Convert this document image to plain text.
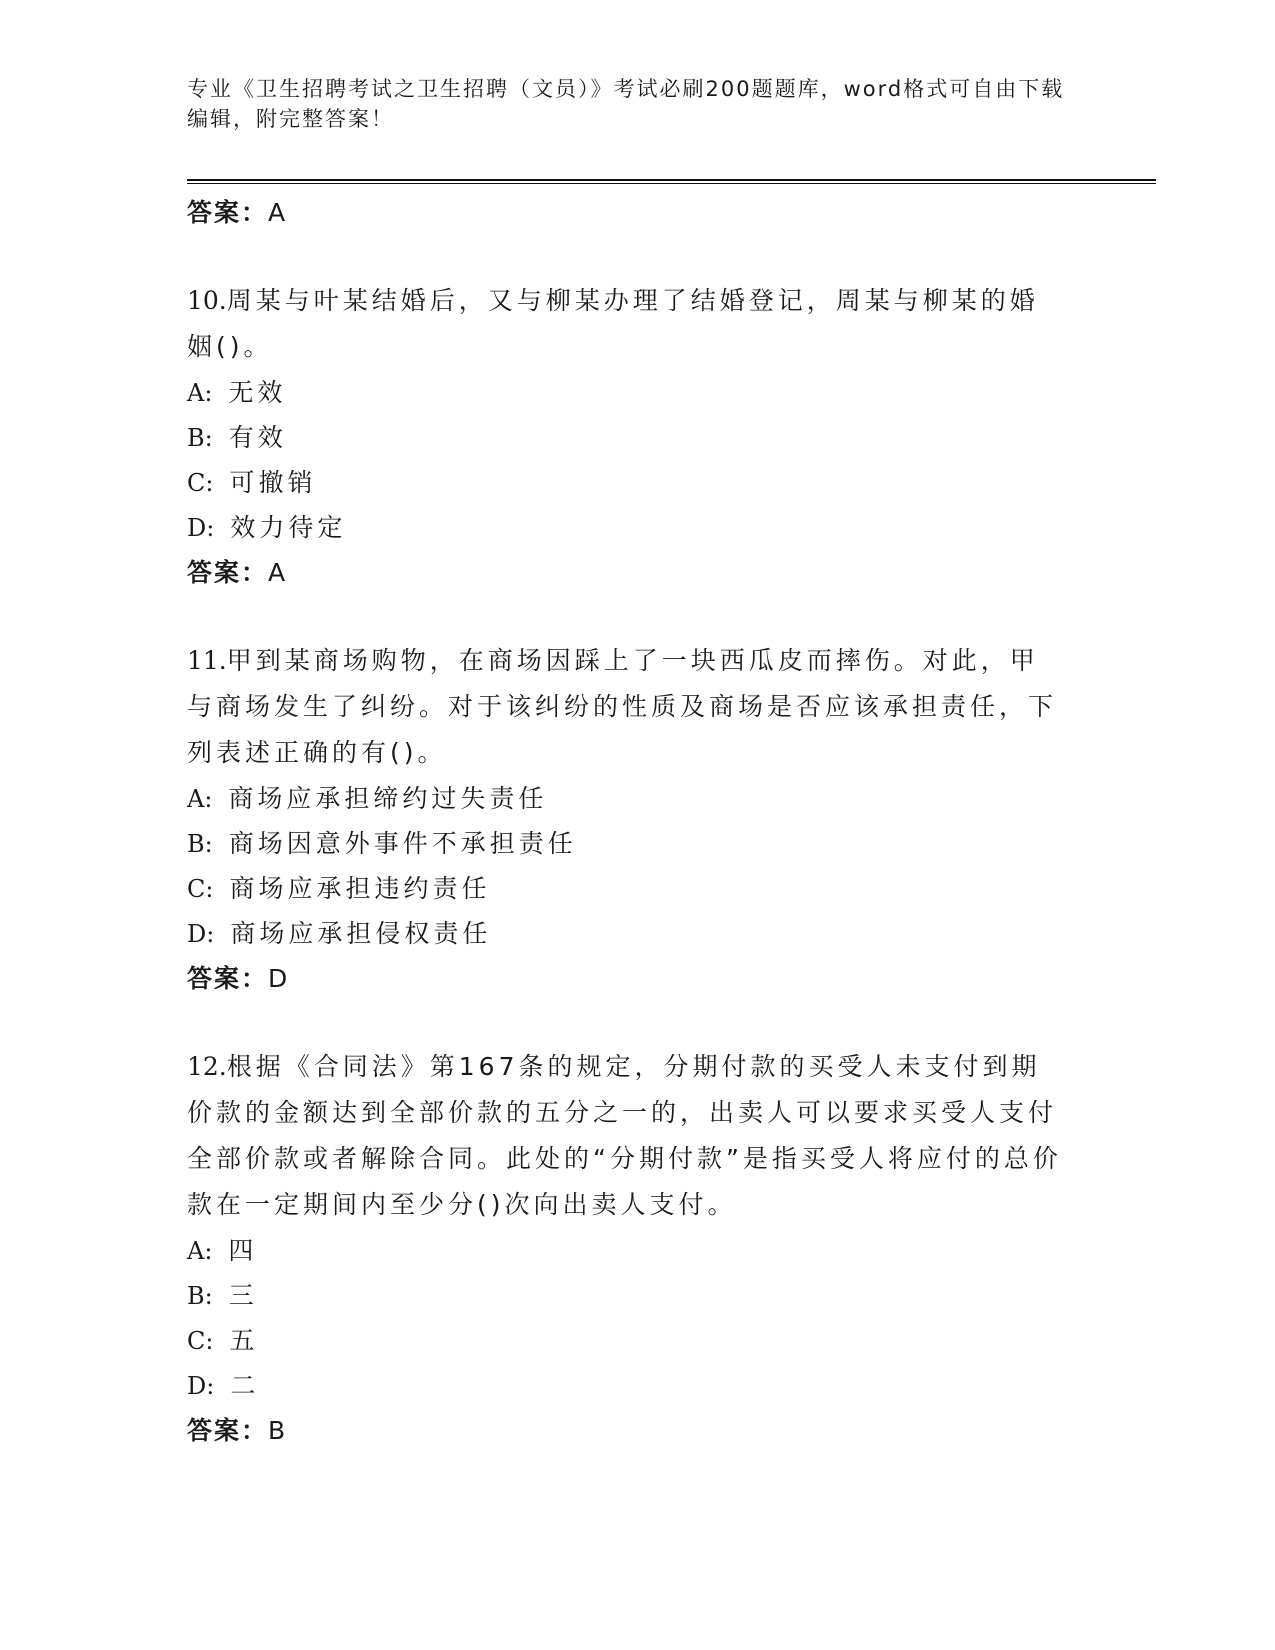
专业《卫生招聘考试之卫生招聘（文员）》考试必刷200题题库，word格式可自由下载编辑，附完整答案！
答案：A
10.周某与叶某结婚后，又与柳某办理了结婚登记，周某与柳某的婚姻()。
A: 无效
B: 有效
C: 可撤销
D: 效力待定
答案：A
11.甲到某商场购物，在商场因踩上了一块西瓜皮而摔伤。对此，甲与商场发生了纠纷。对于该纠纷的性质及商场是否应该承担责任，下列表述正确的有()。
A: 商场应承担缔约过失责任
B: 商场因意外事件不承担责任
C: 商场应承担违约责任
D: 商场应承担侵权责任
答案：D
12.根据《合同法》第167条的规定，分期付款的买受人未支付到期价款的金额达到全部价款的五分之一的，出卖人可以要求买受人支付全部价款或者解除合同。此处的“分期付款”是指买受人将应付的总价款在一定期间内至少分()次向出卖人支付。
A: 四
B: 三
C: 五
D: 二
答案：B
